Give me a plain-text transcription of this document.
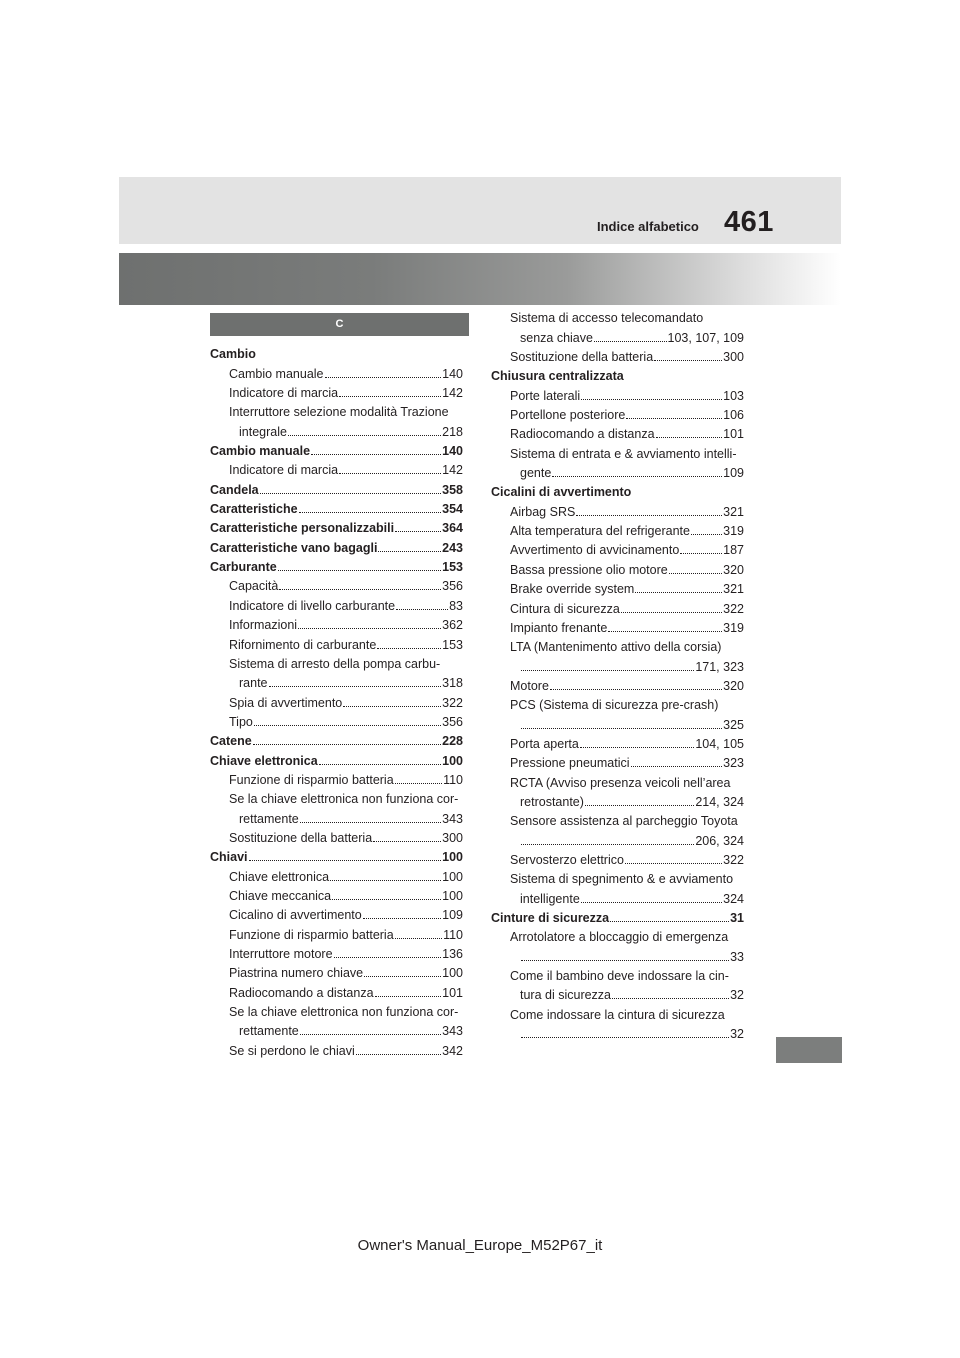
461
Indice alfabetico
C
Cambio
Cambio manuale	140
Indicatore di marcia	142
Interruttore selezione modalità Trazione
integrale	218
Cambio manuale	140
Indicatore di marcia	142
Candela	358
Caratteristiche	354
Caratteristiche personalizzabili	364
Caratteristiche vano bagagli	243
Carburante	153
Capacità	356
Indicatore di livello carburante	83
Informazioni	362
Rifornimento di carburante	153
Sistema di arresto della pompa carbu-
rante	318
Spia di avvertimento	322
Tipo	356
Catene	228
Chiave elettronica	100
Funzione di risparmio batteria	110
Se la chiave elettronica non funziona cor-
rettamente	343
Sostituzione della batteria	300
Chiavi	100
Chiave elettronica	100
Chiave meccanica	100
Cicalino di avvertimento	109
Funzione di risparmio batteria	110
Interruttore motore	136
Piastrina numero chiave	100
Radiocomando a distanza	101
Se la chiave elettronica non funziona cor-
rettamente	343
Se si perdono le chiavi	342
Sistema di accesso telecomandato
senza chiave	103, 107, 109
Sostituzione della batteria	300
Chiusura centralizzata
Porte laterali	103
Portellone posteriore	106
Radiocomando a distanza	101
Sistema di entrata e & avviamento intelli-
gente	109
Cicalini di avvertimento
Airbag SRS	321
Alta temperatura del refrigerante	319
Avvertimento di avvicinamento	187
Bassa pressione olio motore	320
Brake override system	321
Cintura di sicurezza	322
Impianto frenante	319
LTA (Mantenimento attivo della corsia)
171, 323
Motore	320
PCS (Sistema di sicurezza pre-crash)
325
Porta aperta	104, 105
Pressione pneumatici	323
RCTA (Avviso presenza veicoli nell’area
retrostante)	214, 324
Sensore assistenza al parcheggio Toyota
206, 324
Servosterzo elettrico	322
Sistema di spegnimento & e avviamento
intelligente	324
Cinture di sicurezza	31
Arrotolatore a bloccaggio di emergenza
33
Come il bambino deve indossare la cin-
tura di sicurezza	32
Come indossare la cintura di sicurezza
32
Owner's Manual_Europe_M52P67_it
